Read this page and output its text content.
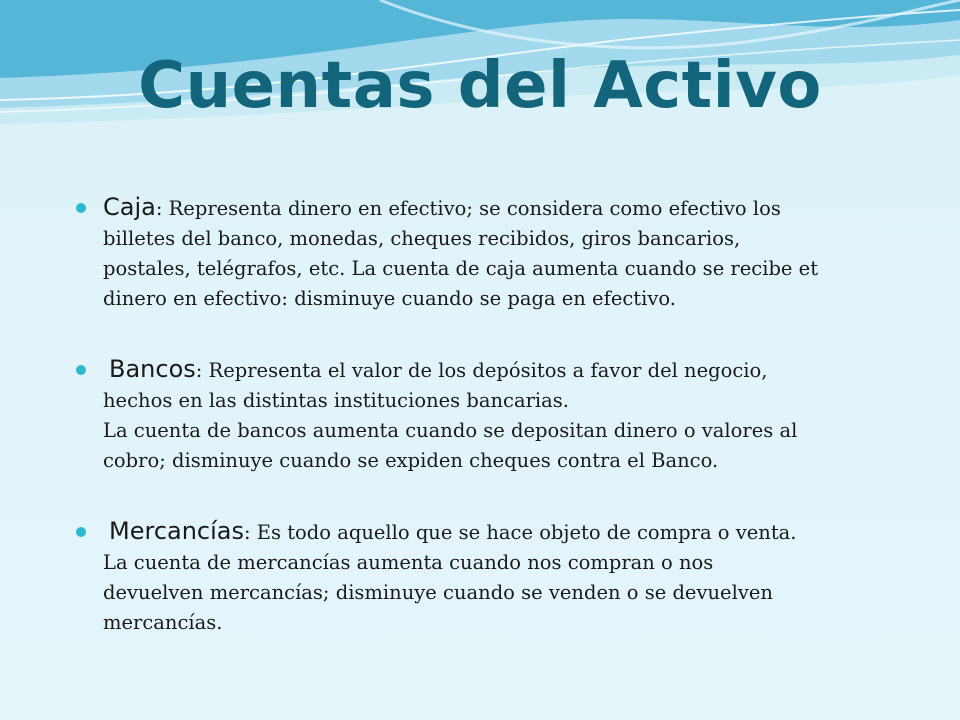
Cuentas del Activo

Caja: Representa dinero en efectivo; se considera como efectivo los
billetes del banco, monedas, cheques recibidos, giros bancarios,
postales, telégrafos, etc. La cuenta de caja aumenta cuando se recibe et
dinero en efectivo: disminuye cuando se paga en efectivo.

Bancos: Representa el valor de los depósitos a favor del negocio,
hechos en las distintas instituciones bancarias.
La cuenta de bancos aumenta cuando se depositan dinero o valores al
cobro; disminuye cuando se expiden cheques contra el Banco.

Mercancías: Es todo aquello que se hace objeto de compra o venta.
La cuenta de mercancías aumenta cuando nos compran o nos
devuelven mercancías; disminuye cuando se venden o se devuelven
mercancías.
